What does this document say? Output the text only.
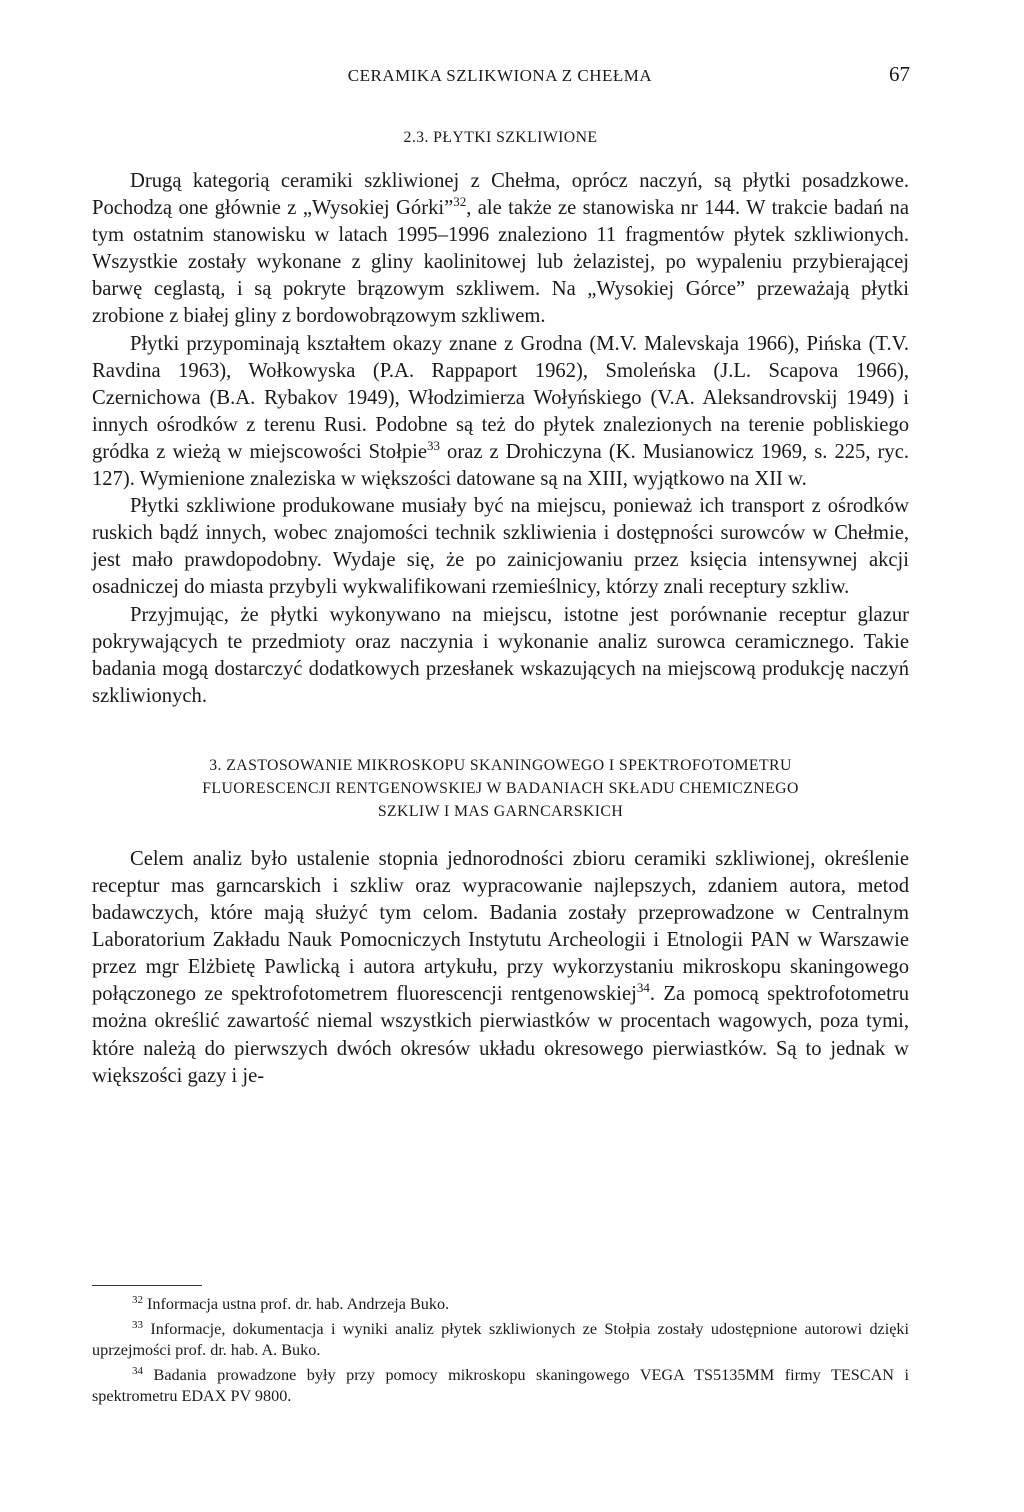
CERAMIKA SZLIKWIONA Z CHEŁMA	67
2.3. PŁYTKI SZKLIWIONE

Drugą kategorią ceramiki szkliwionej z Chełma, oprócz naczyń, są płytki posadzkowe. Pochodzą one głównie z „Wysokiej Górki”$^{32}$, ale także ze stanowiska nr 144. W trakcie badań na tym ostatnim stanowisku w latach 1995–1996 znaleziono 11 fragmentów płytek szkliwionych. Wszystkie zostały wykonane z gliny kaolinitowej lub żelazistej, po wypaleniu przybierającej barwę ceglastą, i są pokryte brązowym szkliwem. Na „Wysokiej Górce” przeważają płytki zrobione z białej gliny z bordowobrązowym szkliwem.

Płytki przypominają kształtem okazy znane z Grodna (M.V. Malevskaja 1966), Pińska (T.V. Ravdina 1963), Wołkowyska (P.A. Rappaport 1962), Smoleńska (J.L. Scapova 1966), Czernichowa (B.A. Rybakov 1949), Włodzimierza Wołyńskiego (V.A. Aleksandrovskij 1949) i innych ośrodków z terenu Rusi. Podobne są też do płytek znalezionych na terenie pobliskiego gródka z wieżą w miejscowości Stołpie$^{33}$ oraz z Drohiczyna (K. Musianowicz 1969, s. 225, ryc. 127). Wymienione znaleziska w większości datowane są na XIII, wyjątkowo na XII w.

Płytki szkliwione produkowane musiały być na miejscu, ponieważ ich transport z ośrodków ruskich bądź innych, wobec znajomości technik szkliwienia i dostępności surowców w Chełmie, jest mało prawdopodobny. Wydaje się, że po zainicjowaniu przez księcia intensywnej akcji osadniczej do miasta przybyli wykwalifikowani rzemieślnicy, którzy znali receptury szkliw.

Przyjmując, że płytki wykonywano na miejscu, istotne jest porównanie receptur glazur pokrywających te przedmioty oraz naczynia i wykonanie analiz surowca ceramicznego. Takie badania mogą dostarczyć dodatkowych przesłanek wskazujących na miejscową produkcję naczyń szkliwionych.

3. ZASTOSOWANIE MIKROSKOPU SKANINGOWEGO I SPEKTROFOTOMETRU
FLUORESCENCJI RENTGENOWSKIEJ W BADANIACH SKŁADU CHEMICZNEGO
SZKLIW I MAS GARNCARSKICH

Celem analiz było ustalenie stopnia jednorodności zbioru ceramiki szkliwionej, określenie receptur mas garncarskich i szkliw oraz wypracowanie najlepszych, zdaniem autora, metod badawczych, które mają służyć tym celom. Badania zostały przeprowadzone w Centralnym Laboratorium Zakładu Nauk Pomocniczych Instytutu Archeologii i Etnologii PAN w Warszawie przez mgr Elżbietę Pawlicką i autora artykułu, przy wykorzystaniu mikroskopu skaningowego połączonego ze spektrofotometrem fluorescencji rentgenowskiej$^{34}$. Za pomocą spektrofotometru można określić zawartość niemal wszystkich pierwiastków w procentach wagowych, poza tymi, które należą do pierwszych dwóch okresów układu okresowego pierwiastków. Są to jednak w większości gazy i je-

$^{32}$ Informacja ustna prof. dr. hab. Andrzeja Buko.

$^{33}$ Informacje, dokumentacja i wyniki analiz płytek szkliwionych ze Stołpia zostały udostępnione autorowi dzięki uprzejmości prof. dr. hab. A. Buko.

$^{34}$ Badania prowadzone były przy pomocy mikroskopu skaningowego VEGA TS5135MM firmy TESCAN i spektrometru EDAX PV 9800.
